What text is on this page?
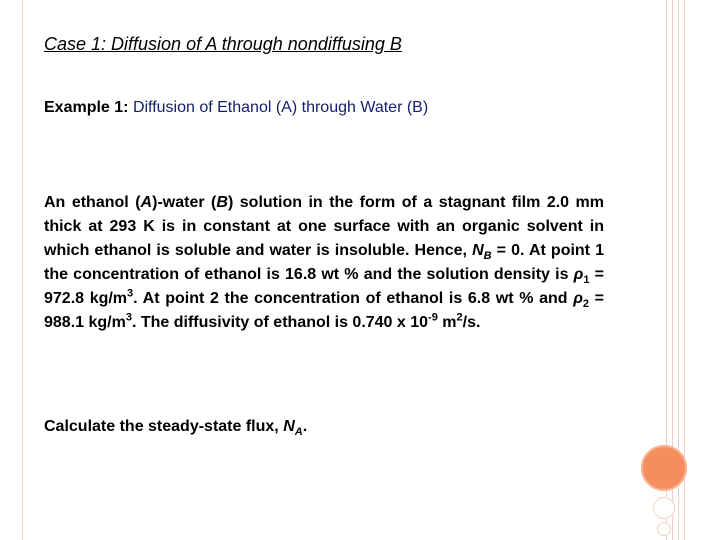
Case 1: Diffusion of A through nondiffusing B
Example 1: Diffusion of Ethanol (A) through Water (B)

An ethanol (A)-water (B) solution in the form of a stagnant film 2.0 mm thick at 293 K is in constant at one surface with an organic solvent in which ethanol is soluble and water is insoluble. Hence, $N_B = 0$. At point 1 the concentration of ethanol is 16.8 wt % and the solution density is $\rho_1 = 972.8$ $kg/m^3$. At point 2 the concentration of ethanol is 6.8 wt % and $\rho_2 = 988.1$ $kg/m^3$. The diffusivity of ethanol is 0.740 x $10^{-9}$ $m^2/s$.

Calculate the steady-state flux, $N_A$.
